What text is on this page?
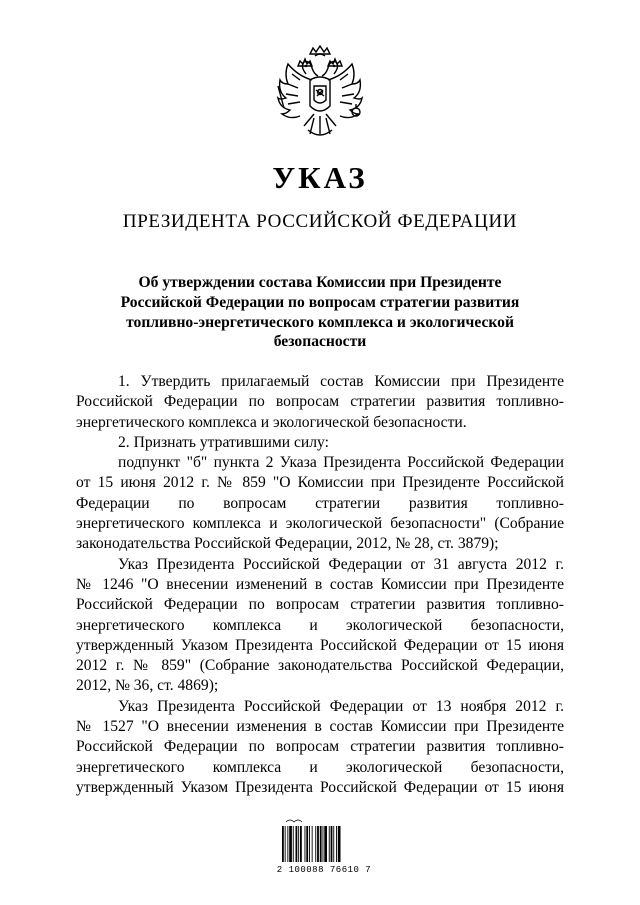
УКАЗ
ПРЕЗИДЕНТА РОССИЙСКОЙ ФЕДЕРАЦИИ
Об утверждении состава Комиссии при Президенте
Российской Федерации по вопросам стратегии развития
топливно-энергетического комплекса и экологической
безопасности
1. Утвердить прилагаемый состав Комиссии при Президенте
Российской Федерации по вопросам стратегии развития топливно-
энергетического комплекса и экологической безопасности.
2. Признать утратившими силу:
подпункт "б" пункта 2 Указа Президента Российской Федерации
от 15 июня 2012 г. № 859 "О Комиссии при Президенте Российской
Федерации по вопросам стратегии развития топливно-
энергетического комплекса и экологической безопасности" (Собрание
законодательства Российской Федерации, 2012, № 28, ст. 3879);
Указ Президента Российской Федерации от 31 августа 2012 г.
№ 1246 "О внесении изменений в состав Комиссии при Президенте
Российской Федерации по вопросам стратегии развития топливно-
энергетического комплекса и экологической безопасности,
утвержденный Указом Президента Российской Федерации от 15 июня
2012 г. № 859" (Собрание законодательства Российской Федерации,
2012, № 36, ст. 4869);
Указ Президента Российской Федерации от 13 ноября 2012 г.
№ 1527 "О внесении изменения в состав Комиссии при Президенте
Российской Федерации по вопросам стратегии развития топливно-
энергетического комплекса и экологической безопасности,
утвержденный Указом Президента Российской Федерации от 15 июня
2 100088 76610 7
